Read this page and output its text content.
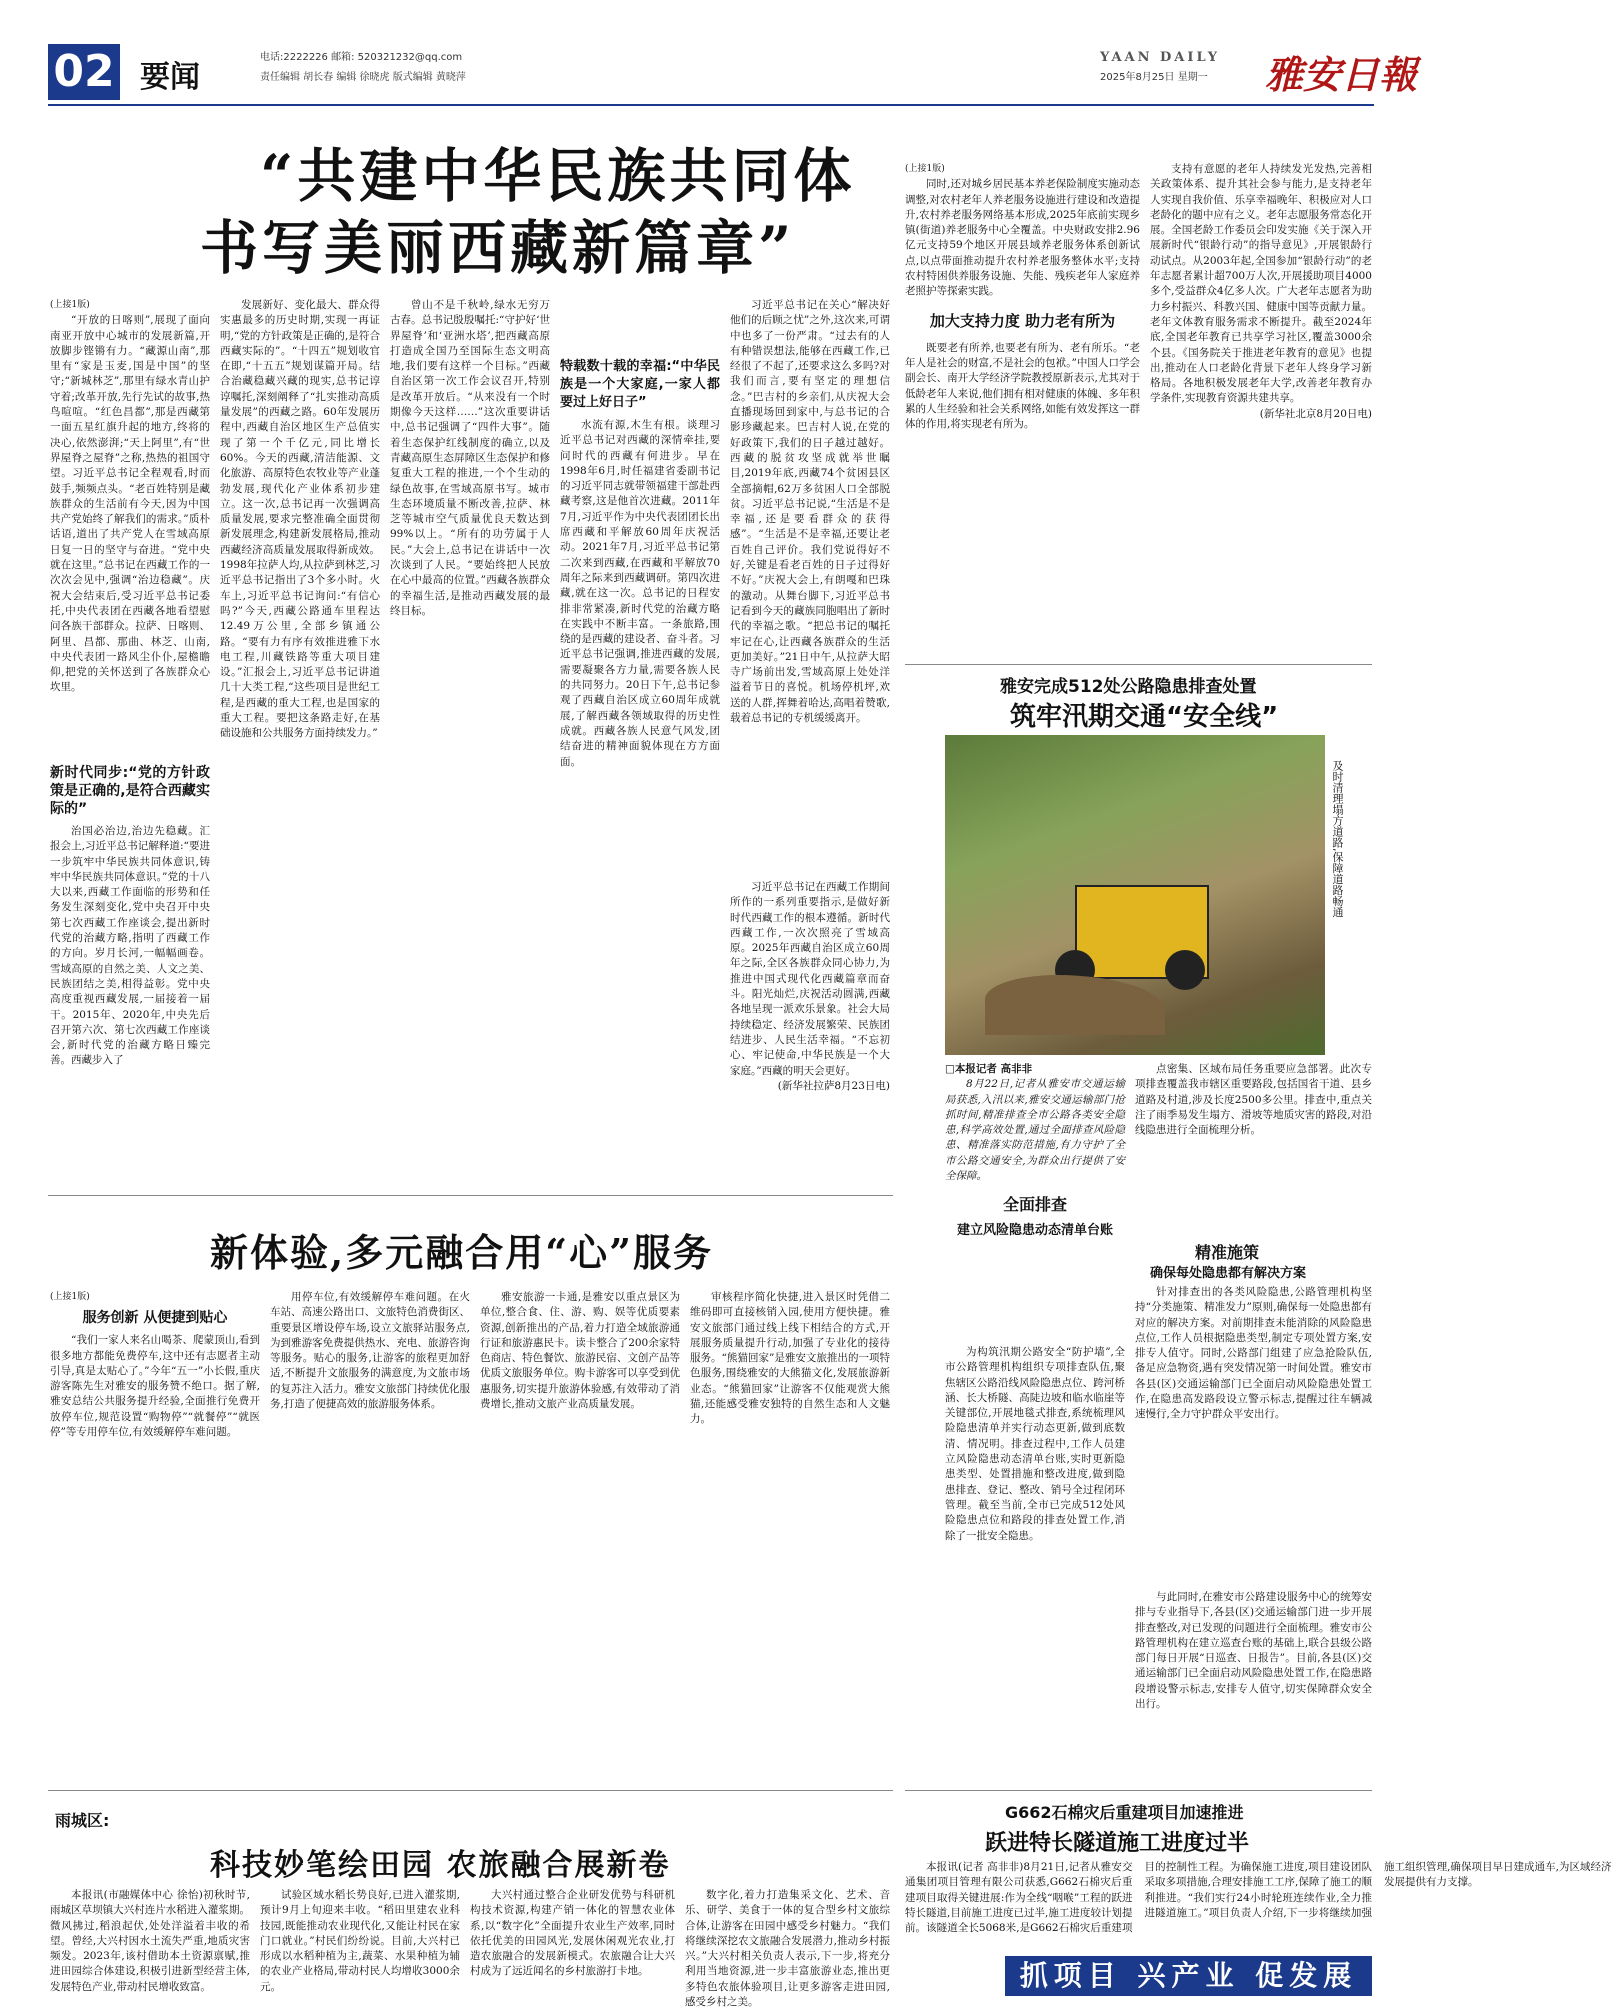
02 要闻
电话:2222226 邮箱: 520321232@qq.com
责任编辑 胡长春 编辑 徐晓虎 版式编辑 黄晓萍
YAAN DAILY
2025年8月25日 星期一 雅安日報
“共建中华民族共同体
书写美丽西藏新篇章”

(上接1版)

“开放的日喀则”,展现了面向南亚开放中心城市的发展新篇,开放脚步铿锵有力。“藏源山南”,那里有“家是玉麦,国是中国”的坚守;“新城林芝”,那里有绿水青山护守着;改革开放,先行先试的故事,热鸟喧喧。“红色昌都”,那是西藏第一面五星红旗升起的地方,终将的决心,依然澎湃;“天上阿里”,有“世界屋脊之屋脊”之称,热热的祖国守望。习近平总书记全程观看,时而鼓手,频频点头。“老百姓特别是藏族群众的生活前有今天,因为中国共产党始终了解我们的需求。”质朴话语,道出了共产党人在雪域高原日复一日的坚守与奋进。“党中央就在这里。”总书记在西藏工作的一次次会见中,强调“治边稳藏”。庆祝大会结束后,受习近平总书记委托,中央代表团在西藏各地看望慰问各族干部群众。拉萨、日喀则、阿里、昌都、那曲、林芝、山南,中央代表团一路风尘仆仆,屋檐瞻仰,把党的关怀送到了各族群众心坎里。

新时代同步:“党的方针政策是正确的,是符合西藏实际的”

治国必治边,治边先稳藏。汇报会上,习近平总书记解释道:“要进一步筑牢中华民族共同体意识,铸牢中华民族共同体意识。”党的十八大以来,西藏工作面临的形势和任务发生深刻变化,党中央召开中央第七次西藏工作座谈会,提出新时代党的治藏方略,指明了西藏工作的方向。岁月长河,一幅幅画卷。雪域高原的自然之美、人文之美、民族团结之美,相得益彰。党中央高度重视西藏发展,一届接着一届干。2015年、2020年,中央先后召开第六次、第七次西藏工作座谈会,新时代党的治藏方略日臻完善。西藏步入了

发展新好、变化最大、群众得实惠最多的历史时期,实现一再证明,“党的方针政策是正确的,是符合西藏实际的”。“十四五”规划收官在即,“十五五”规划谋篇开局。结合治藏稳藏兴藏的现实,总书记谆谆嘱托,深刻阐释了“扎实推动高质量发展”的西藏之路。60年发展历程中,西藏自治区地区生产总值实现了第一个千亿元,同比增长60%。今天的西藏,清洁能源、文化旅游、高原特色农牧业等产业蓬勃发展,现代化产业体系初步建立。这一次,总书记再一次强调高质量发展,要求完整准确全面贯彻新发展理念,构建新发展格局,推动西藏经济高质量发展取得新成效。1998年拉萨人均,从拉萨到林芝,习近平总书记指出了3个多小时。火车上,习近平总书记询问:“有信心吗?”今天,西藏公路通车里程达12.49万公里,全部乡镇通公路。“要有力有序有效推进雅下水电工程,川藏铁路等重大项目建设。”汇报会上,习近平总书记讲道几十大类工程,“这些项目是世纪工程,是西藏的重大工程,也是国家的重大工程。要把这条路走好,在基础设施和公共服务方面持续发力。”

曾山不是千秋岭,绿水无穷万古春。总书记殷殷嘱托:“守护好‘世界屋脊’和‘亚洲水塔’,把西藏高原打造成全国乃至国际生态文明高地,我们要有这样一个目标。”西藏自治区第一次工作会议召开,特别是改革开放后。“从来没有一个时期像今天这样……”这次重要讲话中,总书记强调了“四件大事”。随着生态保护红线制度的确立,以及青藏高原生态屏障区生态保护和修复重大工程的推进,一个个生动的绿色故事,在雪域高原书写。城市生态环境质量不断改善,拉萨、林芝等城市空气质量优良天数达到99%以上。“所有的功劳属于人民。”大会上,总书记在讲话中一次次谈到了人民。“要始终把人民放在心中最高的位置。”西藏各族群众的幸福生活,是推动西藏发展的最终目标。

特载数十载的幸福:“中华民族是一个大家庭,一家人都要过上好日子”

水流有源,木生有根。谈理习近平总书记对西藏的深情牵挂,要问时代的西藏有何进步。早在1998年6月,时任福建省委副书记的习近平同志就带领福建干部赴西藏考察,这是他首次进藏。2011年7月,习近平作为中央代表团团长出席西藏和平解放60周年庆祝活动。2021年7月,习近平总书记第二次来到西藏,在西藏和平解放70周年之际来到西藏调研。第四次进藏,就在这一次。总书记的日程安排非常紧凑,新时代党的治藏方略在实践中不断丰富。一条旅路,围绕的是西藏的建设者、奋斗者。习近平总书记强调,推进西藏的发展,需要凝聚各方力量,需要各族人民的共同努力。20日下午,总书记参观了西藏自治区成立60周年成就展,了解西藏各领域取得的历史性成就。西藏各族人民意气风发,团结奋进的精神面貌体现在方方面面。

习近平总书记在关心“解决好他们的后顾之忧”之外,这次来,可谓中也多了一份严肃。“过去有的人有种错误想法,能够在西藏工作,已经很了不起了,还要求这么多吗?对我们而言,要有坚定的理想信念。”巴吉村的乡亲们,从庆祝大会直播现场回到家中,与总书记的合影珍藏起来。巴吉村人说,在党的好政策下,我们的日子越过越好。西藏的脱贫攻坚成就举世瞩目,2019年底,西藏74个贫困县区全部摘帽,62万多贫困人口全部脱贫。习近平总书记说,“生活是不是幸福,还是要看群众的获得感”。“生活是不是幸福,还要让老百姓自己评价。我们党说得好不好,关键是看老百姓的日子过得好不好。”庆祝大会上,有朗嘎和巴珠的激动。从舞台脚下,习近平总书记看到今天的藏族同胞唱出了新时代的幸福之歌。“把总书记的嘱托牢记在心,让西藏各族群众的生活更加美好。”21日中午,从拉萨大昭寺广场前出发,雪域高原上处处洋溢着节日的喜悦。机场停机坪,欢送的人群,挥舞着哈达,高唱着赞歌,载着总书记的专机缓缓离开。

习近平总书记在西藏工作期间所作的一系列重要指示,是做好新时代西藏工作的根本遵循。新时代西藏工作,一次次照亮了雪域高原。2025年西藏自治区成立60周年之际,全区各族群众同心协力,为推进中国式现代化西藏篇章而奋斗。阳光灿烂,庆祝活动圆满,西藏各地呈现一派欢乐景象。社会大局持续稳定、经济发展繁荣、民族团结进步、人民生活幸福。“不忘初心、牢记使命,中华民族是一个大家庭。”西藏的明天会更好。

(新华社拉萨8月23日电)

(上接1版)

同时,还对城乡居民基本养老保险制度实施动态调整,对农村老年人养老服务设施进行建设和改造提升,农村养老服务网络基本形成,2025年底前实现乡镇(街道)养老服务中心全覆盖。中央财政安排2.96亿元支持59个地区开展县域养老服务体系创新试点,以点带面推动提升农村养老服务整体水平;支持农村特困供养服务设施、失能、残疾老年人家庭养老照护等探索实践。

加大支持力度 助力老有所为

既要老有所养,也要老有所为、老有所乐。“老年人是社会的财富,不是社会的包袱。”中国人口学会副会长、南开大学经济学院教授原新表示,尤其对于低龄老年人来说,他们拥有相对健康的体魄、多年积累的人生经验和社会关系网络,如能有效发挥这一群体的作用,将实现老有所为。

支持有意愿的老年人持续发光发热,完善相关政策体系、提升其社会参与能力,是支持老年人实现自我价值、乐享幸福晚年、积极应对人口老龄化的题中应有之义。老年志愿服务常态化开展。全国老龄工作委员会印发实施《关于深入开展新时代“银龄行动”的指导意见》,开展银龄行动试点。从2003年起,全国参加“银龄行动”的老年志愿者累计超700万人次,开展援助项目4000多个,受益群众4亿多人次。广大老年志愿者为助力乡村振兴、科教兴国、健康中国等贡献力量。老年文体教育服务需求不断提升。截至2024年底,全国老年教育已共享学习社区,覆盖3000余个县。《国务院关于推进老年教育的意见》也提出,推动在人口老龄化背景下老年人终身学习新格局。各地积极发展老年大学,改善老年教育办学条件,实现教育资源共建共享。

(新华社北京8月20日电)

雅安完成512处公路隐患排查处置
筑牢汛期交通“安全线”
及时清理塌方道路,保障道路畅通

□本报记者 高非非

8月22日,记者从雅安市交通运输局获悉,入汛以来,雅安交通运输部门抢抓时间,精准排查全市公路各类安全隐患,科学高效处置,通过全面排查风险隐患、精准落实防范措施,有力守护了全市公路交通安全,为群众出行提供了安全保障。

全面排查
建立风险隐患动态清单台账

为构筑汛期公路安全“防护墙”,全市公路管理机构组织专项排查队伍,聚焦辖区公路沿线风险隐患点位、跨河桥涵、长大桥隧、高陡边坡和临水临崖等关键部位,开展地毯式排查,系统梳理风险隐患清单并实行动态更新,做到底数清、情况明。排查过程中,工作人员建立风险隐患动态清单台账,实时更新隐患类型、处置措施和整改进度,做到隐患排查、登记、整改、销号全过程闭环管理。截至当前,全市已完成512处风险隐患点位和路段的排查处置工作,消除了一批安全隐患。

点密集、区域布局任务重要应急部署。此次专项排查覆盖我市辖区重要路段,包括国省干道、县乡道路及村道,涉及长度2500多公里。排查中,重点关注了雨季易发生塌方、滑坡等地质灾害的路段,对沿线隐患进行全面梳理分析。

精准施策
确保每处隐患都有解决方案

针对排查出的各类风险隐患,公路管理机构坚持“分类施策、精准发力”原则,确保每一处隐患都有对应的解决方案。对前期排查未能消除的风险隐患点位,工作人员根据隐患类型,制定专项处置方案,安排专人值守。同时,公路部门组建了应急抢险队伍,备足应急物资,遇有突发情况第一时间处置。雅安市各县(区)交通运输部门已全面启动风险隐患处置工作,在隐患高发路段设立警示标志,提醒过往车辆减速慢行,全力守护群众平安出行。

新体验,多元融合用“心”服务

(上接1版)

服务创新 从便捷到贴心

“我们一家人来名山喝茶、爬蒙顶山,看到很多地方都能免费停车,这中还有志愿者主动引导,真是太贴心了。”今年“五一”小长假,重庆游客陈先生对雅安的服务赞不绝口。据了解,雅安总结公共服务提升经验,全面推行免费开放停车位,规范设置“购物停”“就餐停”“就医停”等专用停车位,有效缓解停车难问题。

用停车位,有效缓解停车难问题。在火车站、高速公路出口、文旅特色消费街区、重要景区增设停车场,设立文旅驿站服务点,为到雅游客免费提供热水、充电、旅游咨询等服务。贴心的服务,让游客的旅程更加舒适,不断提升文旅服务的满意度,为文旅市场的复苏注入活力。雅安文旅部门持续优化服务,打造了便捷高效的旅游服务体系。

雅安旅游一卡通,是雅安以重点景区为单位,整合食、住、游、购、娱等优质要素资源,创新推出的产品,着力打造全域旅游通行证和旅游惠民卡。读卡整合了200余家特色商店、特色餐饮、旅游民宿、文创产品等优质文旅服务单位。购卡游客可以享受到优惠服务,切实提升旅游体验感,有效带动了消费增长,推动文旅产业高质量发展。

审核程序简化快捷,进入景区时凭借二维码即可直接核销入园,使用方便快捷。雅安文旅部门通过线上线下相结合的方式,开展服务质量提升行动,加强了专业化的接待服务。“熊猫回家”是雅安文旅推出的一项特色服务,围绕雅安的大熊猫文化,发展旅游新业态。“熊猫回家”让游客不仅能观赏大熊猫,还能感受雅安独特的自然生态和人文魅力。

与此同时,在雅安市公路建设服务中心的统筹安排与专业指导下,各县(区)交通运输部门进一步开展排查整改,对已发现的问题进行全面梳理。雅安市公路管理机构在建立巡查台账的基础上,联合县级公路部门每日开展“日巡查、日报告”。目前,各县(区)交通运输部门已全面启动风险隐患处置工作,在隐患路段增设警示标志,安排专人值守,切实保障群众安全出行。

雨城区:
科技妙笔绘田园 农旅融合展新卷

本报讯(市融媒体中心 徐怡)初秋时节,雨城区草坝镇大兴村连片水稻进入灌浆期。微风拂过,稻浪起伏,处处洋溢着丰收的希望。曾经,大兴村因水土流失严重,地质灾害频发。2023年,该村借助本土资源禀赋,推进田园综合体建设,积极引进新型经营主体,发展特色产业,带动村民增收致富。

试验区域水稻长势良好,已进入灌浆期,预计9月上旬迎来丰收。“稻田里建农业科技园,既能推动农业现代化,又能让村民在家门口就业。”村民们纷纷说。目前,大兴村已形成以水稻种植为主,蔬菜、水果种植为辅的农业产业格局,带动村民人均增收3000余元。

大兴村通过整合企业研发优势与科研机构技术资源,构建产销一体化的智慧农业体系,以“数字化”全面提升农业生产效率,同时依托优美的田园风光,发展休闲观光农业,打造农旅融合的发展新模式。农旅融合让大兴村成为了远近闻名的乡村旅游打卡地。

数字化,着力打造集采文化、艺术、音乐、研学、美食于一体的复合型乡村文旅综合体,让游客在田园中感受乡村魅力。“我们将继续深挖农文旅融合发展潜力,推动乡村振兴。”大兴村相关负责人表示,下一步,将充分利用当地资源,进一步丰富旅游业态,推出更多特色农旅体验项目,让更多游客走进田园,感受乡村之美。

G662石棉灾后重建项目加速推进
跃进特长隧道施工进度过半

本报讯(记者 高非非)8月21日,记者从雅安交通集团项目管理有限公司获悉,G662石棉灾后重建项目取得关键进展:作为全线“咽喉”工程的跃进特长隧道,目前施工进度已过半,施工进度较计划提前。该隧道全长5068米,是G662石棉灾后重建项目的控制性工程。为确保施工进度,项目建设团队采取多项措施,合理安排施工工序,保障了施工的顺利推进。“我们实行24小时轮班连续作业,全力推进隧道施工。”项目负责人介绍,下一步将继续加强施工组织管理,确保项目早日建成通车,为区域经济发展提供有力支撑。

抓项目 兴产业 促发展
